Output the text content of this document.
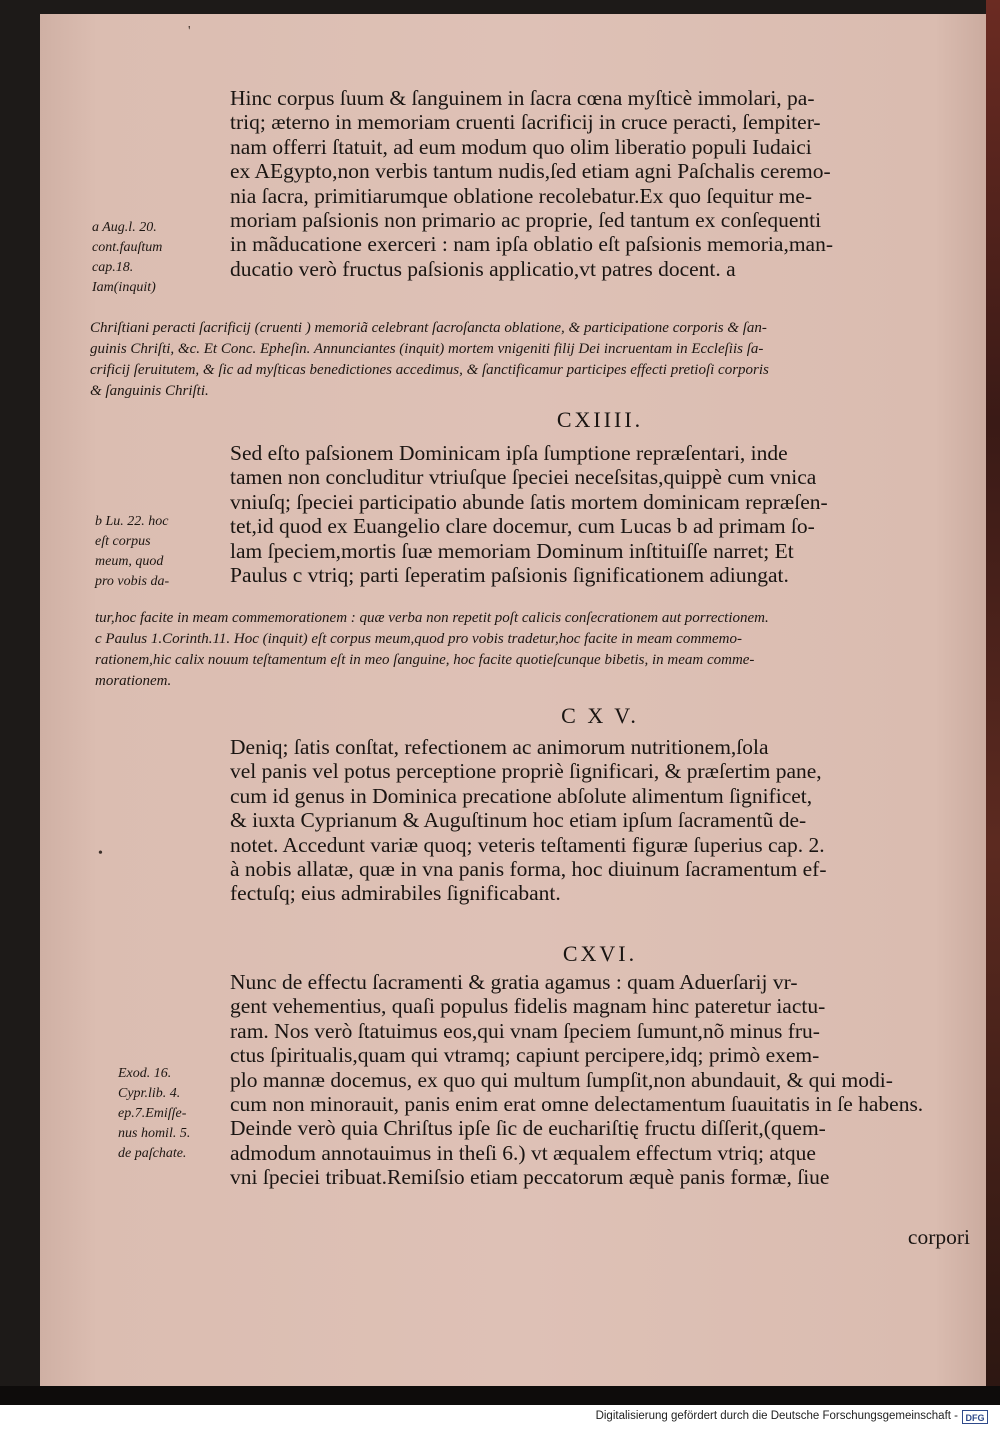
'
•
Hinc corpus ſuum & ſanguinem in ſacra cœna myſticè immolari, pa-
triq; æterno in memoriam cruenti ſacrificij in cruce peracti, ſempiter-
nam offerri ſtatuit, ad eum modum quo olim liberatio populi Iudaici
ex AEgypto,non verbis tantum nudis,ſed etiam agni Paſchalis ceremo-
nia ſacra, primitiarumque oblatione recolebatur.Ex quo ſequitur me-
moriam paſsionis non primario ac proprie, ſed tantum ex conſequenti
in mãducatione exerceri : nam ipſa oblatio eſt paſsionis memoria,man-
ducatio verò fructus paſsionis applicatio,vt patres docent. a
a Aug.l. 20.
cont.fauſtum
cap.18.
Iam(inquit)
Chriſtiani peracti ſacrificij (cruenti ) memoriã celebrant ſacroſancta oblatione, & participatione corporis & ſan-
guinis Chriſti, &c. Et Conc. Epheſin. Annunciantes (inquit) mortem vnigeniti filij Dei incruentam in Eccleſiis ſa-
crificij ſeruitutem, & ſic ad myſticas benedictiones accedimus, & ſanctificamur participes effecti pretioſi corporis
& ſanguinis Chriſti.
CXIIII.
Sed eſto paſsionem Dominicam ipſa ſumptione repræſentari, inde
tamen non concluditur vtriuſque ſpeciei neceſsitas,quippè cum vnica
vniuſq; ſpeciei participatio abunde ſatis mortem dominicam repræſen-
tet,id quod ex Euangelio clare docemur, cum Lucas b ad primam ſo-
lam ſpeciem,mortis ſuæ memoriam Dominum inſtituiſſe narret; Et
Paulus c vtriq; parti ſeperatim paſsionis ſignificationem adiungat.
b Lu. 22. hoc
eſt corpus
meum, quod
pro vobis da-
tur,hoc facite in meam commemorationem : quæ verba non repetit poſt calicis conſecrationem aut porrectionem.
c Paulus 1.Corinth.11. Hoc (inquit) eſt corpus meum,quod pro vobis tradetur,hoc facite in meam commemo-
rationem,hic calix nouum teſtamentum eſt in meo ſanguine, hoc facite quotieſcunque bibetis, in meam comme-
morationem.
C X V.
Deniq; ſatis conſtat, refectionem ac animorum nutritionem,ſola
vel panis vel potus perceptione propriè ſignificari, & præſertim pane,
cum id genus in Dominica precatione abſolute alimentum ſignificet,
& iuxta Cyprianum & Auguſtinum hoc etiam ipſum ſacramentũ de-
notet. Accedunt variæ quoq; veteris teſtamenti figuræ ſuperius cap. 2.
à nobis allatæ, quæ in vna panis forma, hoc diuinum ſacramentum ef-
fectuſq; eius admirabiles ſignificabant.
CXVI.
Nunc de effectu ſacramenti & gratia agamus : quam Aduerſarij vr-
gent vehementius, quaſi populus fidelis magnam hinc pateretur iactu-
ram. Nos verò ſtatuimus eos,qui vnam ſpeciem ſumunt,nõ minus fru-
ctus ſpiritualis,quam qui vtramq; capiunt percipere,idq; primò exem-
plo mannæ docemus, ex quo qui multum ſumpſit,non abundauit, & qui modi-
cum non minorauit, panis enim erat omne delectamentum ſuauitatis in ſe habens.
Deinde verò quia Chriſtus ipſe ſic de euchariſtię fructu diſſerit,(quem-
admodum annotauimus in theſi 6.) vt æqualem effectum vtriq; atque
vni ſpeciei tribuat.Remiſsio etiam peccatorum æquè panis formæ, ſiue
Exod. 16.
Cypr.lib. 4.
ep.7.Emiſſe-
nus homil. 5.
de paſchate.
corpori
Digitalisierung gefördert durch die Deutsche Forschungsgemeinschaft - DFG
